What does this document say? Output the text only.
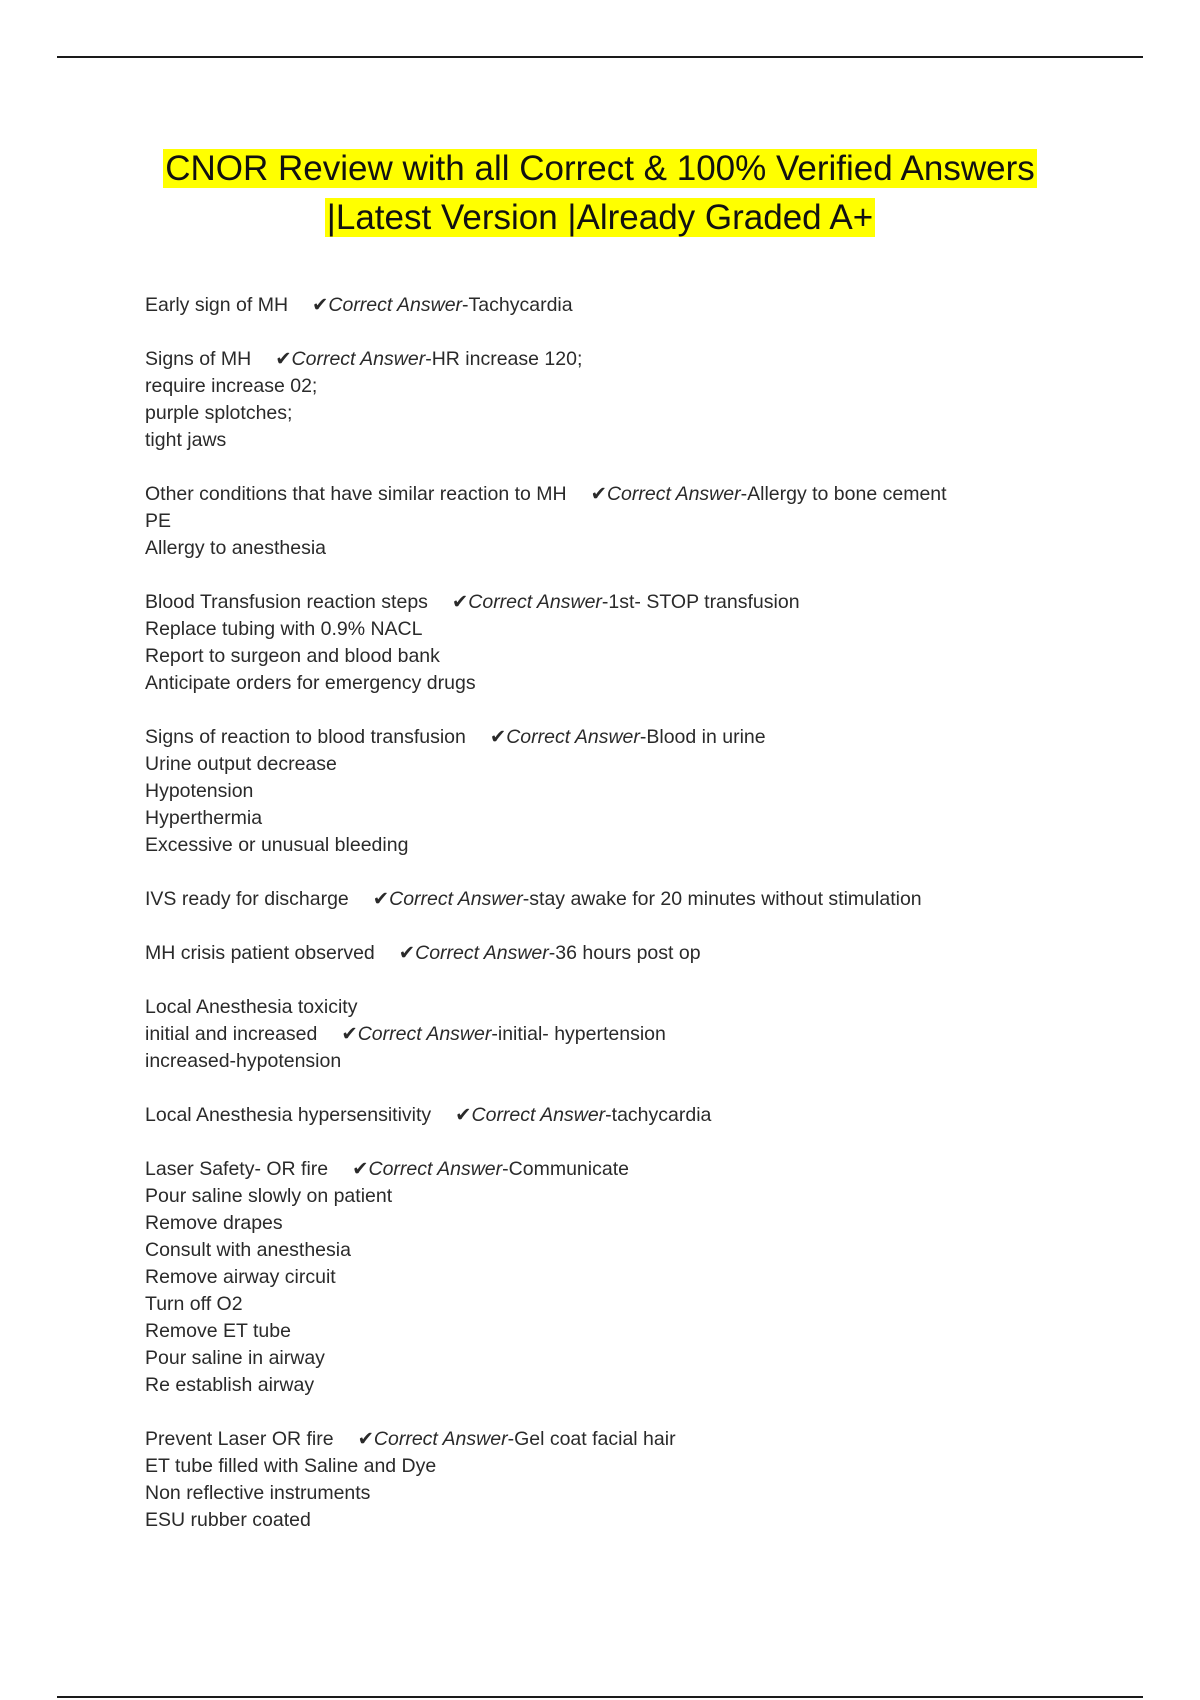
CNOR Review with all Correct & 100% Verified Answers
|Latest Version |Already Graded A+
Early sign of MH ✔Correct Answer-Tachycardia
Signs of MH ✔Correct Answer-HR increase 120;
require increase 02;
purple splotches;
tight jaws
Other conditions that have similar reaction to MH ✔Correct Answer-Allergy to bone cement
PE
Allergy to anesthesia
Blood Transfusion reaction steps ✔Correct Answer-1st- STOP transfusion
Replace tubing with 0.9% NACL
Report to surgeon and blood bank
Anticipate orders for emergency drugs
Signs of reaction to blood transfusion ✔Correct Answer-Blood in urine
Urine output decrease
Hypotension
Hyperthermia
Excessive or unusual bleeding
IVS ready for discharge ✔Correct Answer-stay awake for 20 minutes without stimulation
MH crisis patient observed ✔Correct Answer-36 hours post op
Local Anesthesia toxicity
initial and increased ✔Correct Answer-initial- hypertension
increased-hypotension
Local Anesthesia hypersensitivity ✔Correct Answer-tachycardia
Laser Safety- OR fire ✔Correct Answer-Communicate
Pour saline slowly on patient
Remove drapes
Consult with anesthesia
Remove airway circuit
Turn off O2
Remove ET tube
Pour saline in airway
Re establish airway
Prevent Laser OR fire ✔Correct Answer-Gel coat facial hair
ET tube filled with Saline and Dye
Non reflective instruments
ESU rubber coated
